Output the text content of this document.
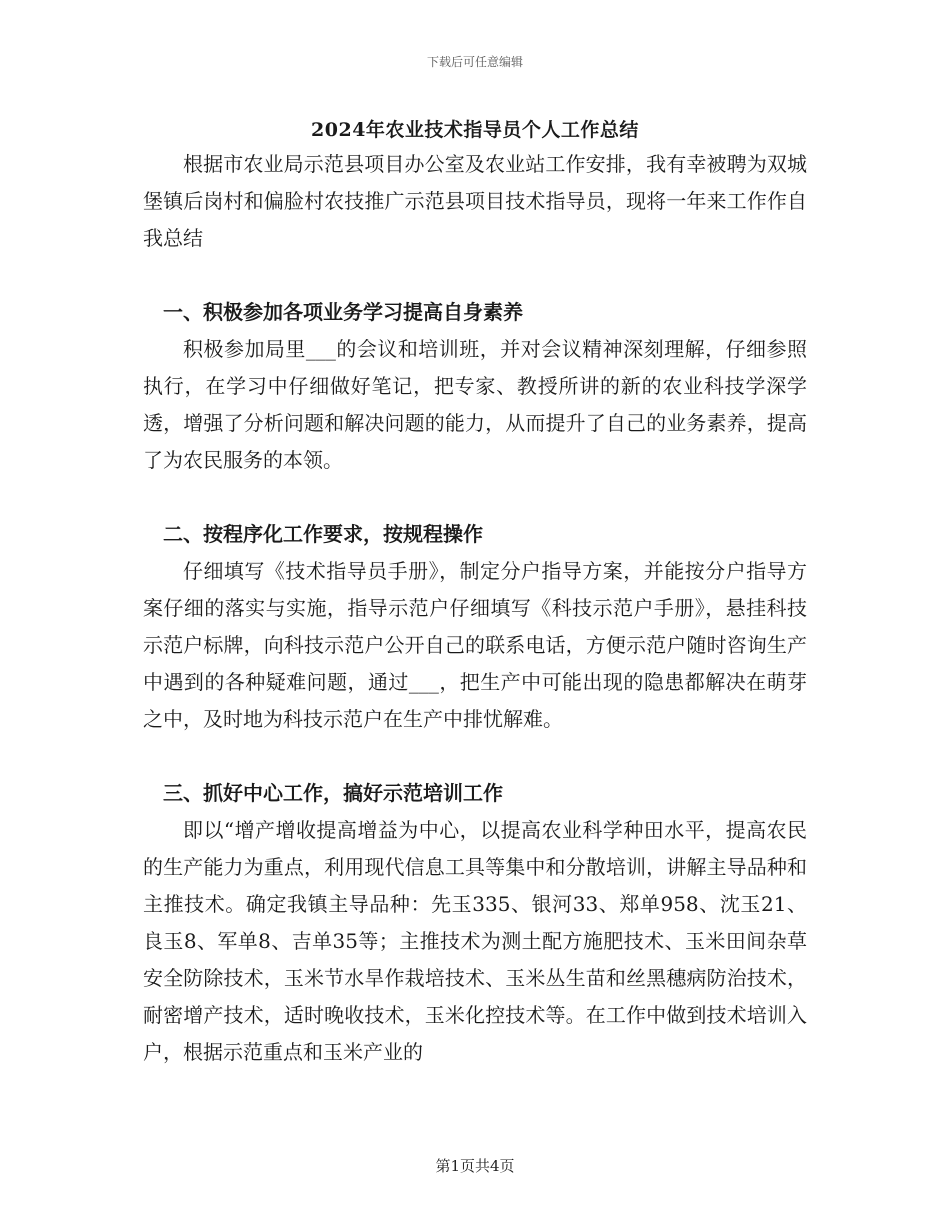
下载后可任意编辑
2024年农业技术指导员个人工作总结

根据市农业局示范县项目办公室及农业站工作安排，我有幸被聘为双城堡镇后岗村和偏脸村农技推广示范县项目技术指导员，现将一年来工作作自我总结

一、积极参加各项业务学习提高自身素养

积极参加局里___的会议和培训班，并对会议精神深刻理解，仔细参照执行，在学习中仔细做好笔记，把专家、教授所讲的新的农业科技学深学透，增强了分析问题和解决问题的能力，从而提升了自己的业务素养，提高了为农民服务的本领。

二、按程序化工作要求，按规程操作

仔细填写《技术指导员手册》，制定分户指导方案，并能按分户指导方案仔细的落实与实施，指导示范户仔细填写《科技示范户手册》，悬挂科技示范户标牌，向科技示范户公开自己的联系电话，方便示范户随时咨询生产中遇到的各种疑难问题，通过___，把生产中可能出现的隐患都解决在萌芽之中，及时地为科技示范户在生产中排忧解难。

三、抓好中心工作，搞好示范培训工作

即以“增产增收提高增益为中心，以提高农业科学种田水平，提高农民的生产能力为重点，利用现代信息工具等集中和分散培训，讲解主导品种和主推技术。确定我镇主导品种：先玉335、银河33、郑单958、沈玉21、良玉8、军单8、吉单35等；主推技术为测土配方施肥技术、玉米田间杂草安全防除技术，玉米节水旱作栽培技术、玉米丛生苗和丝黑穗病防治技术，耐密增产技术，适时晚收技术，玉米化控技术等。在工作中做到技术培训入户，根据示范重点和玉米产业的

第1页共4页
